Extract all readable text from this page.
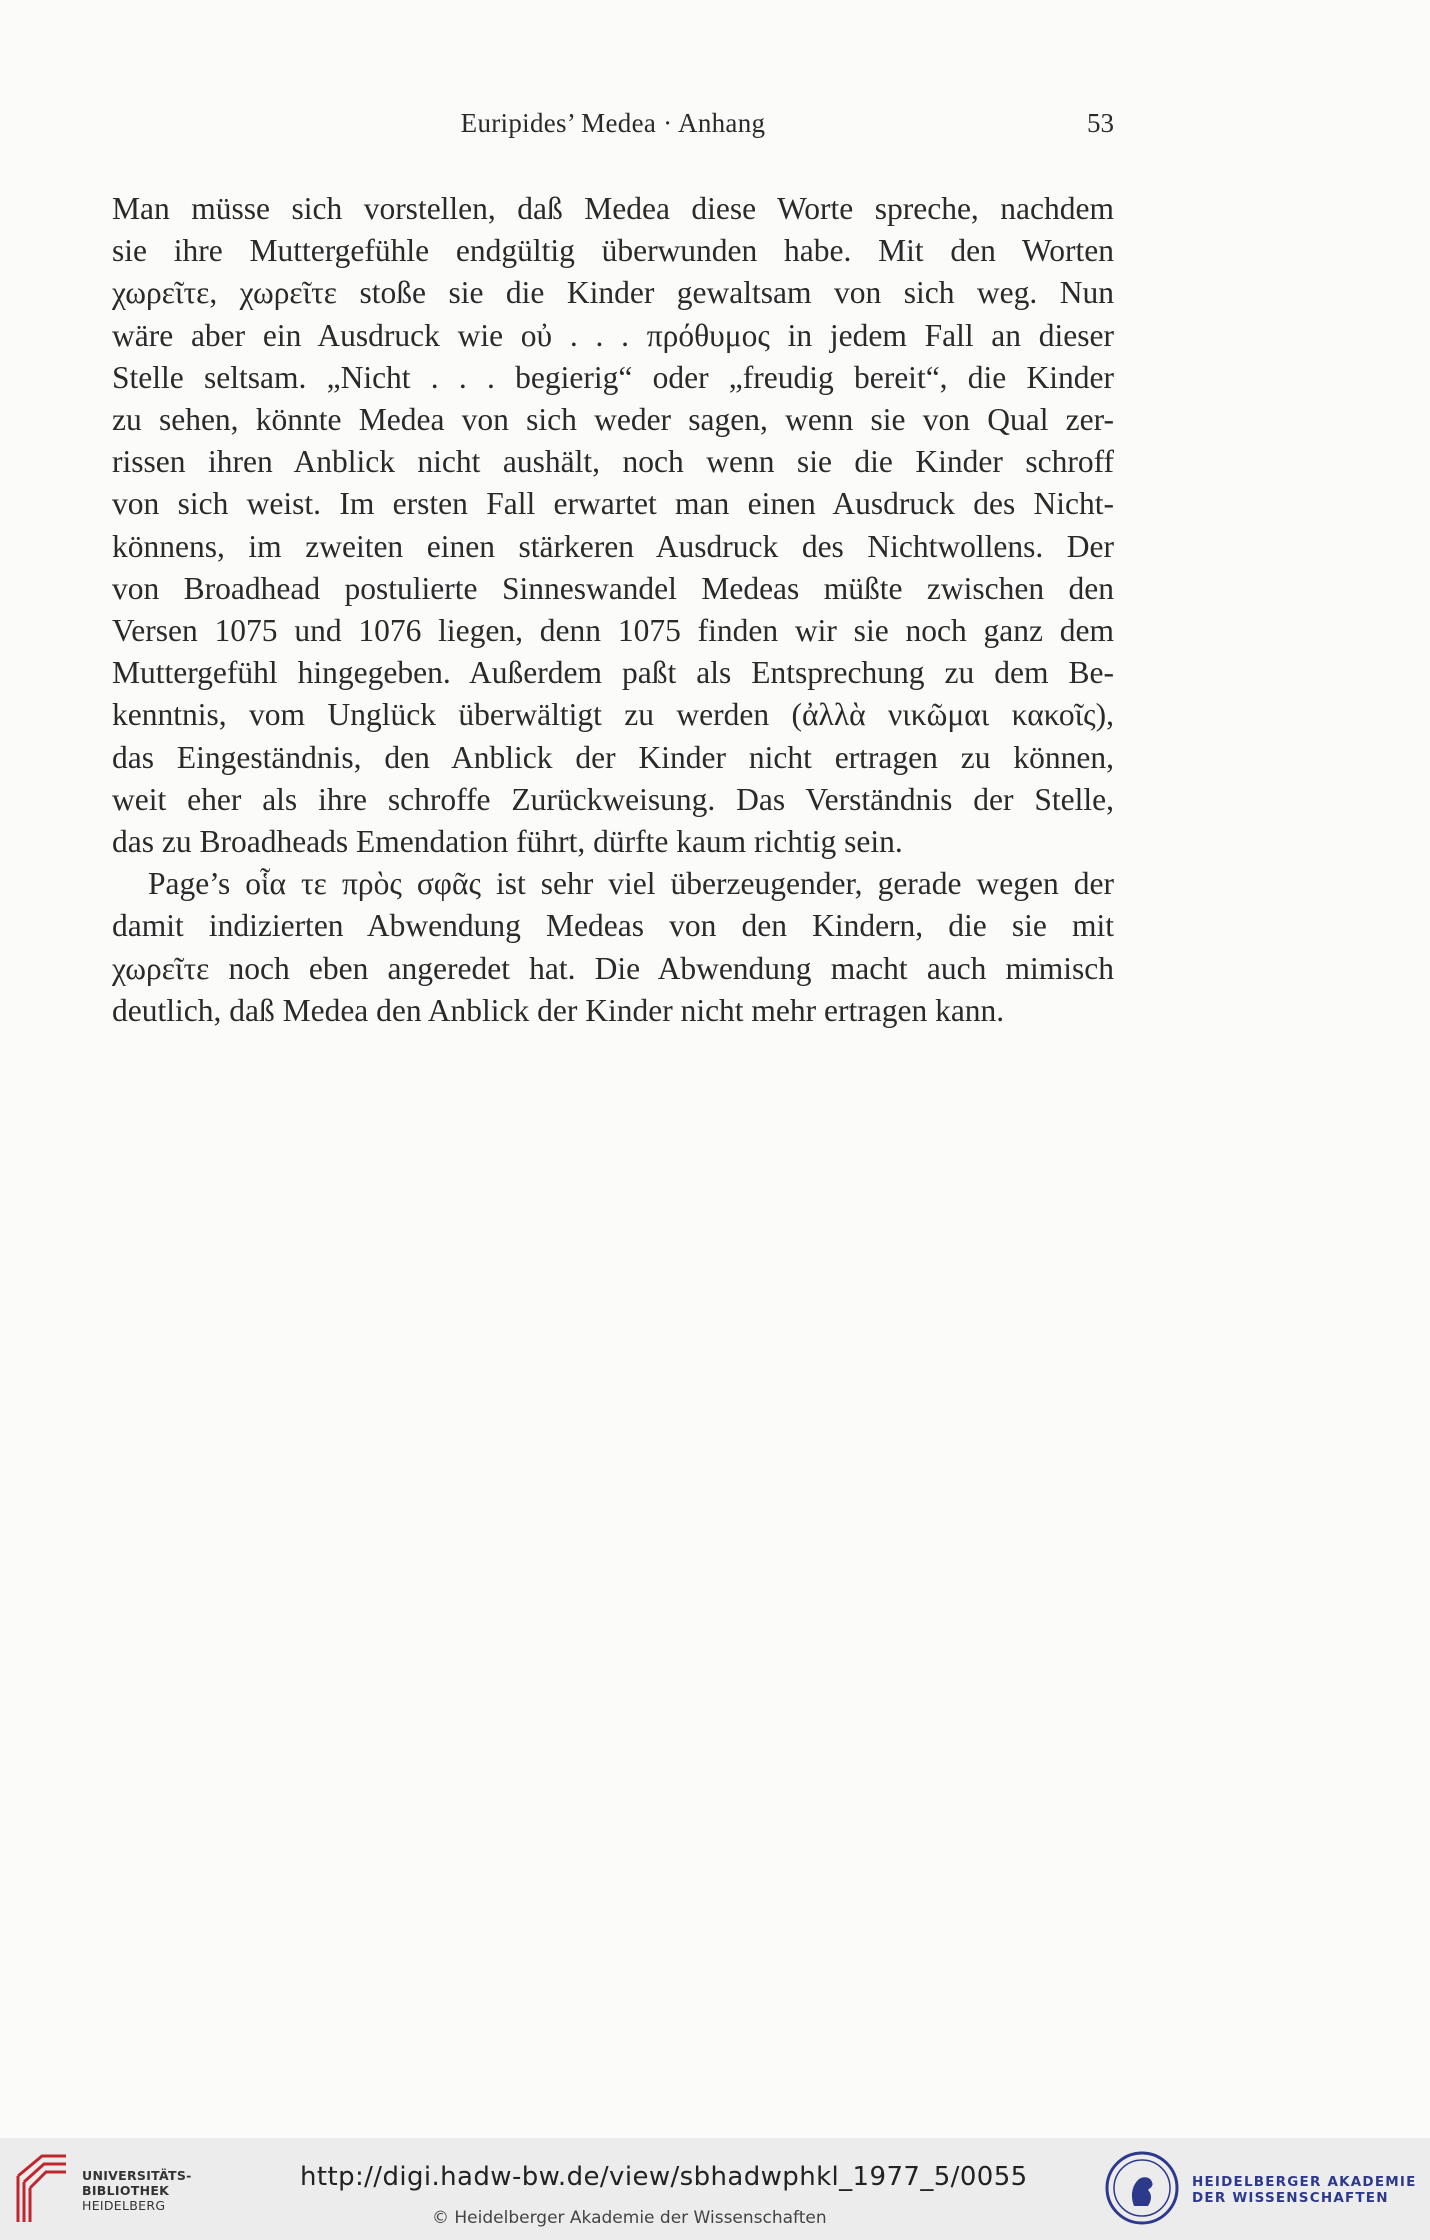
Euripides’ Medea · Anhang	53
Man müsse sich vorstellen, daß Medea diese Worte spreche, nachdem
sie ihre Muttergefühle endgültig überwunden habe. Mit den Worten
χωρεῖτε, χωρεῖτε stoße sie die Kinder gewaltsam von sich weg. Nun
wäre aber ein Ausdruck wie οὐ . . . πρόθυμος in jedem Fall an dieser
Stelle seltsam. „Nicht . . . begierig“ oder „freudig bereit“, die Kinder
zu sehen, könnte Medea von sich weder sagen, wenn sie von Qual zer-
rissen ihren Anblick nicht aushält, noch wenn sie die Kinder schroff
von sich weist. Im ersten Fall erwartet man einen Ausdruck des Nicht-
könnens, im zweiten einen stärkeren Ausdruck des Nichtwollens. Der
von Broadhead postulierte Sinneswandel Medeas müßte zwischen den
Versen 1075 und 1076 liegen, denn 1075 finden wir sie noch ganz dem
Muttergefühl hingegeben. Außerdem paßt als Entsprechung zu dem Be-
kenntnis, vom Unglück überwältigt zu werden (ἀλλὰ νικῶμαι κακοῖς),
das Eingeständnis, den Anblick der Kinder nicht ertragen zu können,
weit eher als ihre schroffe Zurückweisung. Das Verständnis der Stelle,
das zu Broadheads Emendation führt, dürfte kaum richtig sein.
Page’s οἷα τε πρὸς σφᾶς ist sehr viel überzeugender, gerade wegen der
damit indizierten Abwendung Medeas von den Kindern, die sie mit
χωρεῖτε noch eben angeredet hat. Die Abwendung macht auch mimisch
deutlich, daß Medea den Anblick der Kinder nicht mehr ertragen kann.
UNIVERSITÄTS-
BIBLIOTHEK
HEIDELBERG
http://digi.hadw-bw.de/view/sbhadwphkl_1977_5/0055
© Heidelberger Akademie der Wissenschaften
HEIDELBERGER AKADEMIE
DER WISSENSCHAFTEN
